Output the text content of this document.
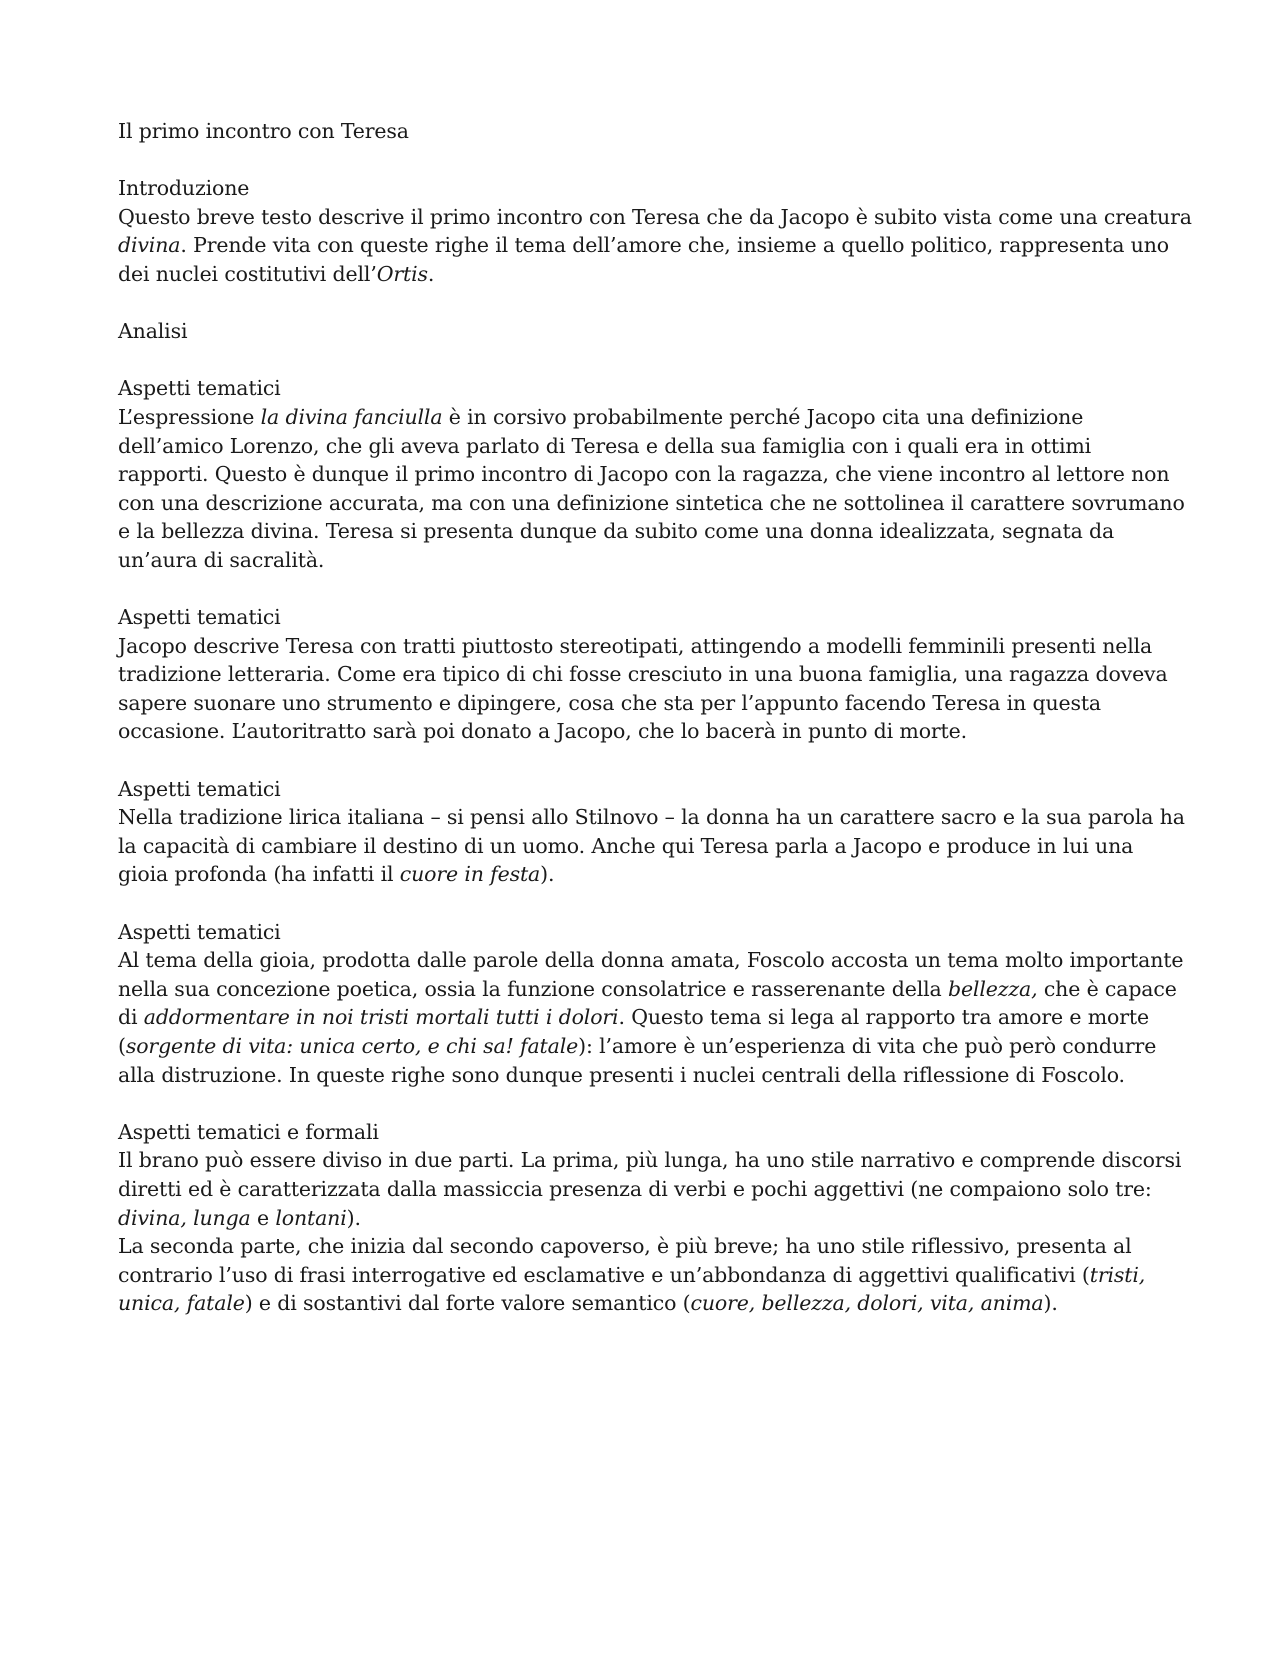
Il primo incontro con Teresa
Introduzione
Questo breve testo descrive il primo incontro con Teresa che da Jacopo è subito vista come una creatura
divina. Prende vita con queste righe il tema dell’amore che, insieme a quello politico, rappresenta uno
dei nuclei costitutivi dell’Ortis.
Analisi
Aspetti tematici
L’espressione la divina fanciulla è in corsivo probabilmente perché Jacopo cita una definizione
dell’amico Lorenzo, che gli aveva parlato di Teresa e della sua famiglia con i quali era in ottimi
rapporti. Questo è dunque il primo incontro di Jacopo con la ragazza, che viene incontro al lettore non
con una descrizione accurata, ma con una definizione sintetica che ne sottolinea il carattere sovrumano
e la bellezza divina. Teresa si presenta dunque da subito come una donna idealizzata, segnata da
un’aura di sacralità.
Aspetti tematici
Jacopo descrive Teresa con tratti piuttosto stereotipati, attingendo a modelli femminili presenti nella
tradizione letteraria. Come era tipico di chi fosse cresciuto in una buona famiglia, una ragazza doveva
sapere suonare uno strumento e dipingere, cosa che sta per l’appunto facendo Teresa in questa
occasione. L’autoritratto sarà poi donato a Jacopo, che lo bacerà in punto di morte.
Aspetti tematici
Nella tradizione lirica italiana – si pensi allo Stilnovo – la donna ha un carattere sacro e la sua parola ha
la capacità di cambiare il destino di un uomo. Anche qui Teresa parla a Jacopo e produce in lui una
gioia profonda (ha infatti il cuore in festa).
Aspetti tematici
Al tema della gioia, prodotta dalle parole della donna amata, Foscolo accosta un tema molto importante
nella sua concezione poetica, ossia la funzione consolatrice e rasserenante della bellezza, che è capace
di addormentare in noi tristi mortali tutti i dolori. Questo tema si lega al rapporto tra amore e morte
(sorgente di vita: unica certo, e chi sa! fatale): l’amore è un’esperienza di vita che può però condurre
alla distruzione. In queste righe sono dunque presenti i nuclei centrali della riflessione di Foscolo.
Aspetti tematici e formali
Il brano può essere diviso in due parti. La prima, più lunga, ha uno stile narrativo e comprende discorsi
diretti ed è caratterizzata dalla massiccia presenza di verbi e pochi aggettivi (ne compaiono solo tre:
divina, lunga e lontani).
La seconda parte, che inizia dal secondo capoverso, è più breve; ha uno stile riflessivo, presenta al
contrario l’uso di frasi interrogative ed esclamative e un’abbondanza di aggettivi qualificativi (tristi,
unica, fatale) e di sostantivi dal forte valore semantico (cuore, bellezza, dolori, vita, anima).
